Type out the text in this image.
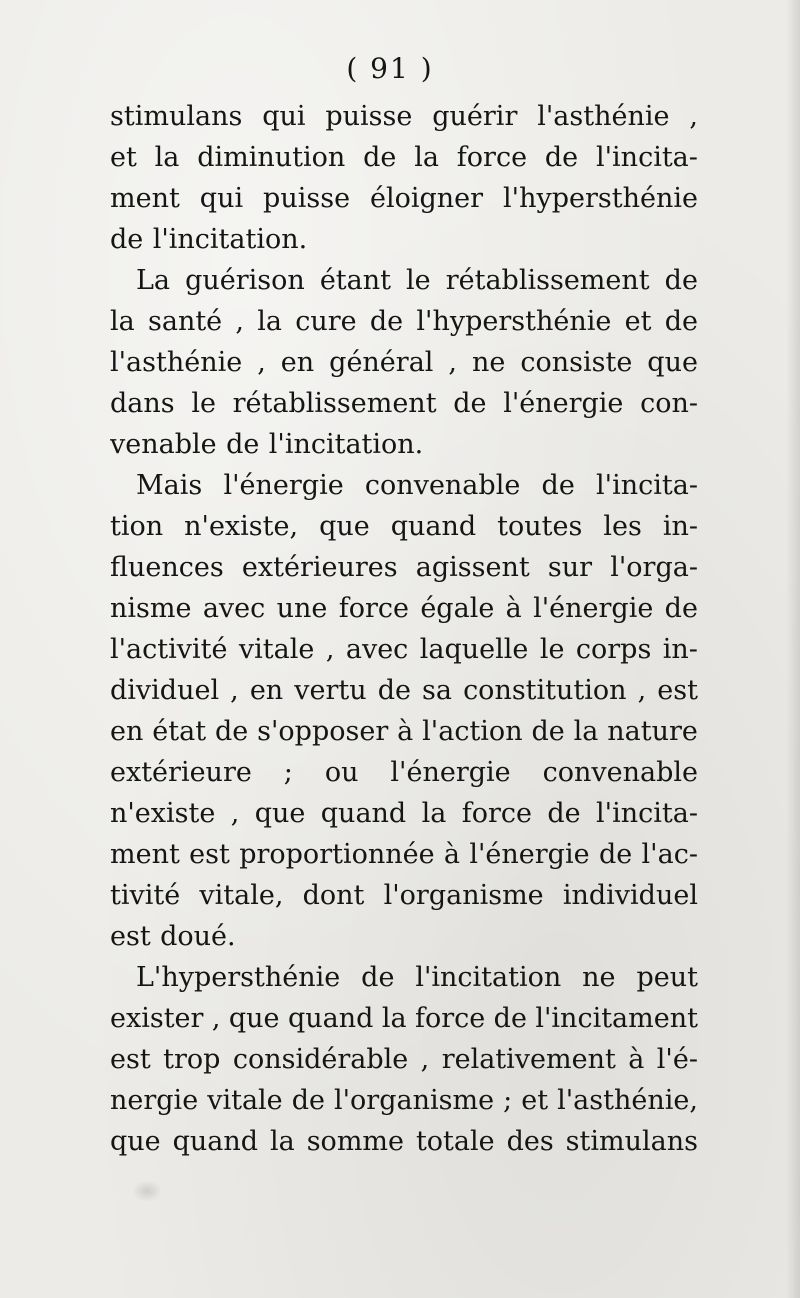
( 91 )
stimulans qui puisse guérir l'asthénie ,
et la diminution de la force de l'incita-
ment qui puisse éloigner l'hypersthénie
de l'incitation.
La guérison étant le rétablissement de
la santé , la cure de l'hypersthénie et de
l'asthénie , en général , ne consiste que
dans le rétablissement de l'énergie con-
venable de l'incitation.
Mais l'énergie convenable de l'incita-
tion n'existe, que quand toutes les in-
fluences extérieures agissent sur l'orga-
nisme avec une force égale à l'énergie de
l'activité vitale , avec laquelle le corps in-
dividuel , en vertu de sa constitution , est
en état de s'opposer à l'action de la nature
extérieure ; ou l'énergie convenable
n'existe , que quand la force de l'incita-
ment est proportionnée à l'énergie de l'ac-
tivité vitale, dont l'organisme individuel
est doué.
L'hypersthénie de l'incitation ne peut
exister , que quand la force de l'incitament
est trop considérable , relativement à l'é-
nergie vitale de l'organisme ; et l'asthénie,
que quand la somme totale des stimulans
